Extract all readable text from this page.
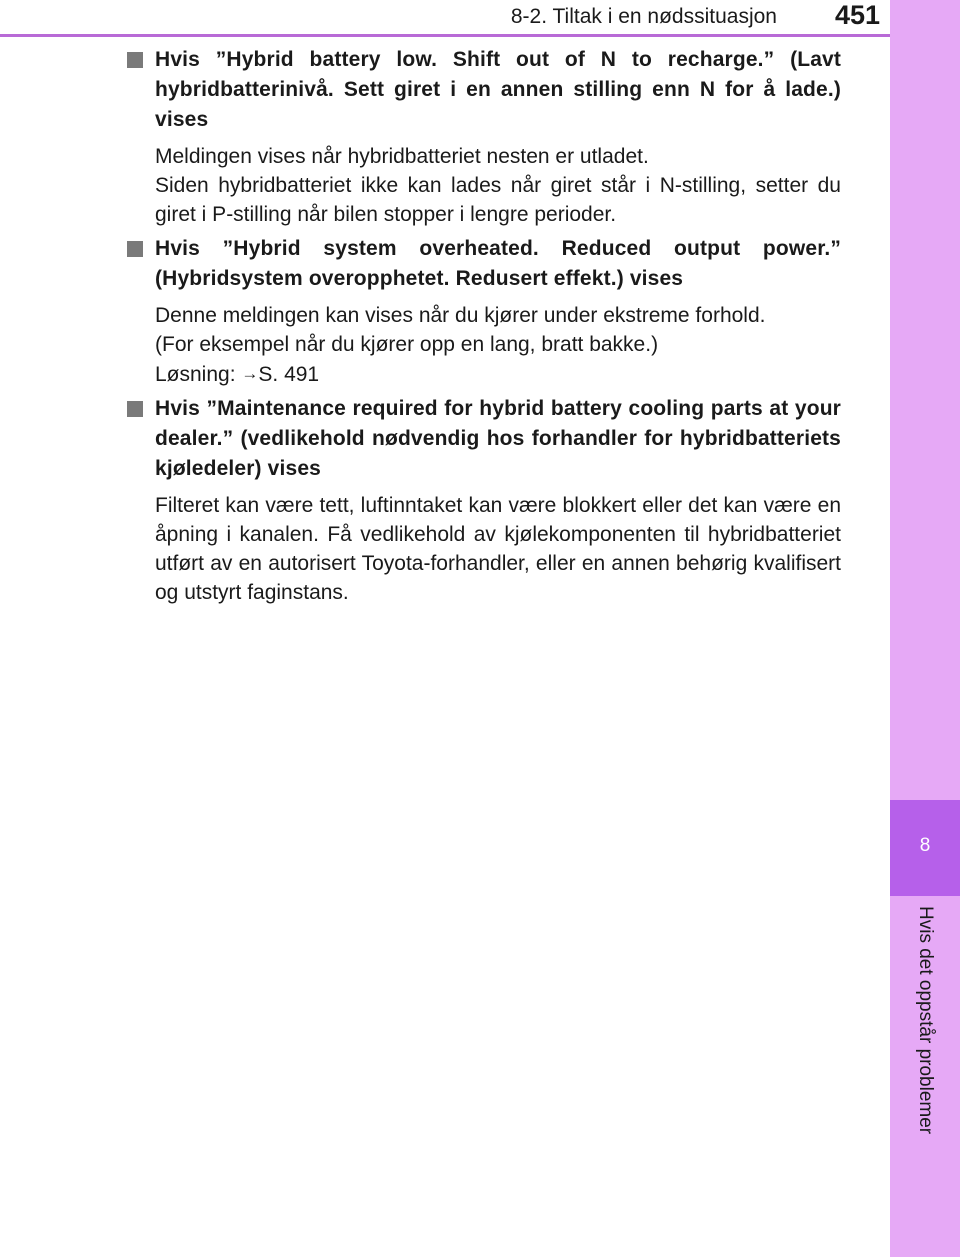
8-2. Tiltak i en nødssituasjon	451
8
Hvis det oppstår problemer
Hvis ”Hybrid battery low. Shift out of N to recharge.” (Lavt hybridbatterinivå. Sett giret i en annen stilling enn N for å lade.) vises
Meldingen vises når hybridbatteriet nesten er utladet.
Siden hybridbatteriet ikke kan lades når giret står i N-stilling, setter du giret i P-stilling når bilen stopper i lengre perioder.
Hvis ”Hybrid system overheated. Reduced output power.” (Hybridsystem overopphetet. Redusert effekt.) vises
Denne meldingen kan vises når du kjører under ekstreme forhold.
(For eksempel når du kjører opp en lang, bratt bakke.)
Løsning: →S. 491
Hvis ”Maintenance required for hybrid battery cooling parts at your dealer.” (vedlikehold nødvendig hos forhandler for hybridbatteriets kjøledeler) vises
Filteret kan være tett, luftinntaket kan være blokkert eller det kan være en åpning i kanalen. Få vedlikehold av kjølekomponenten til hybridbatteriet utført av en autorisert Toyota-forhandler, eller en annen behørig kvalifisert og utstyrt faginstans.
